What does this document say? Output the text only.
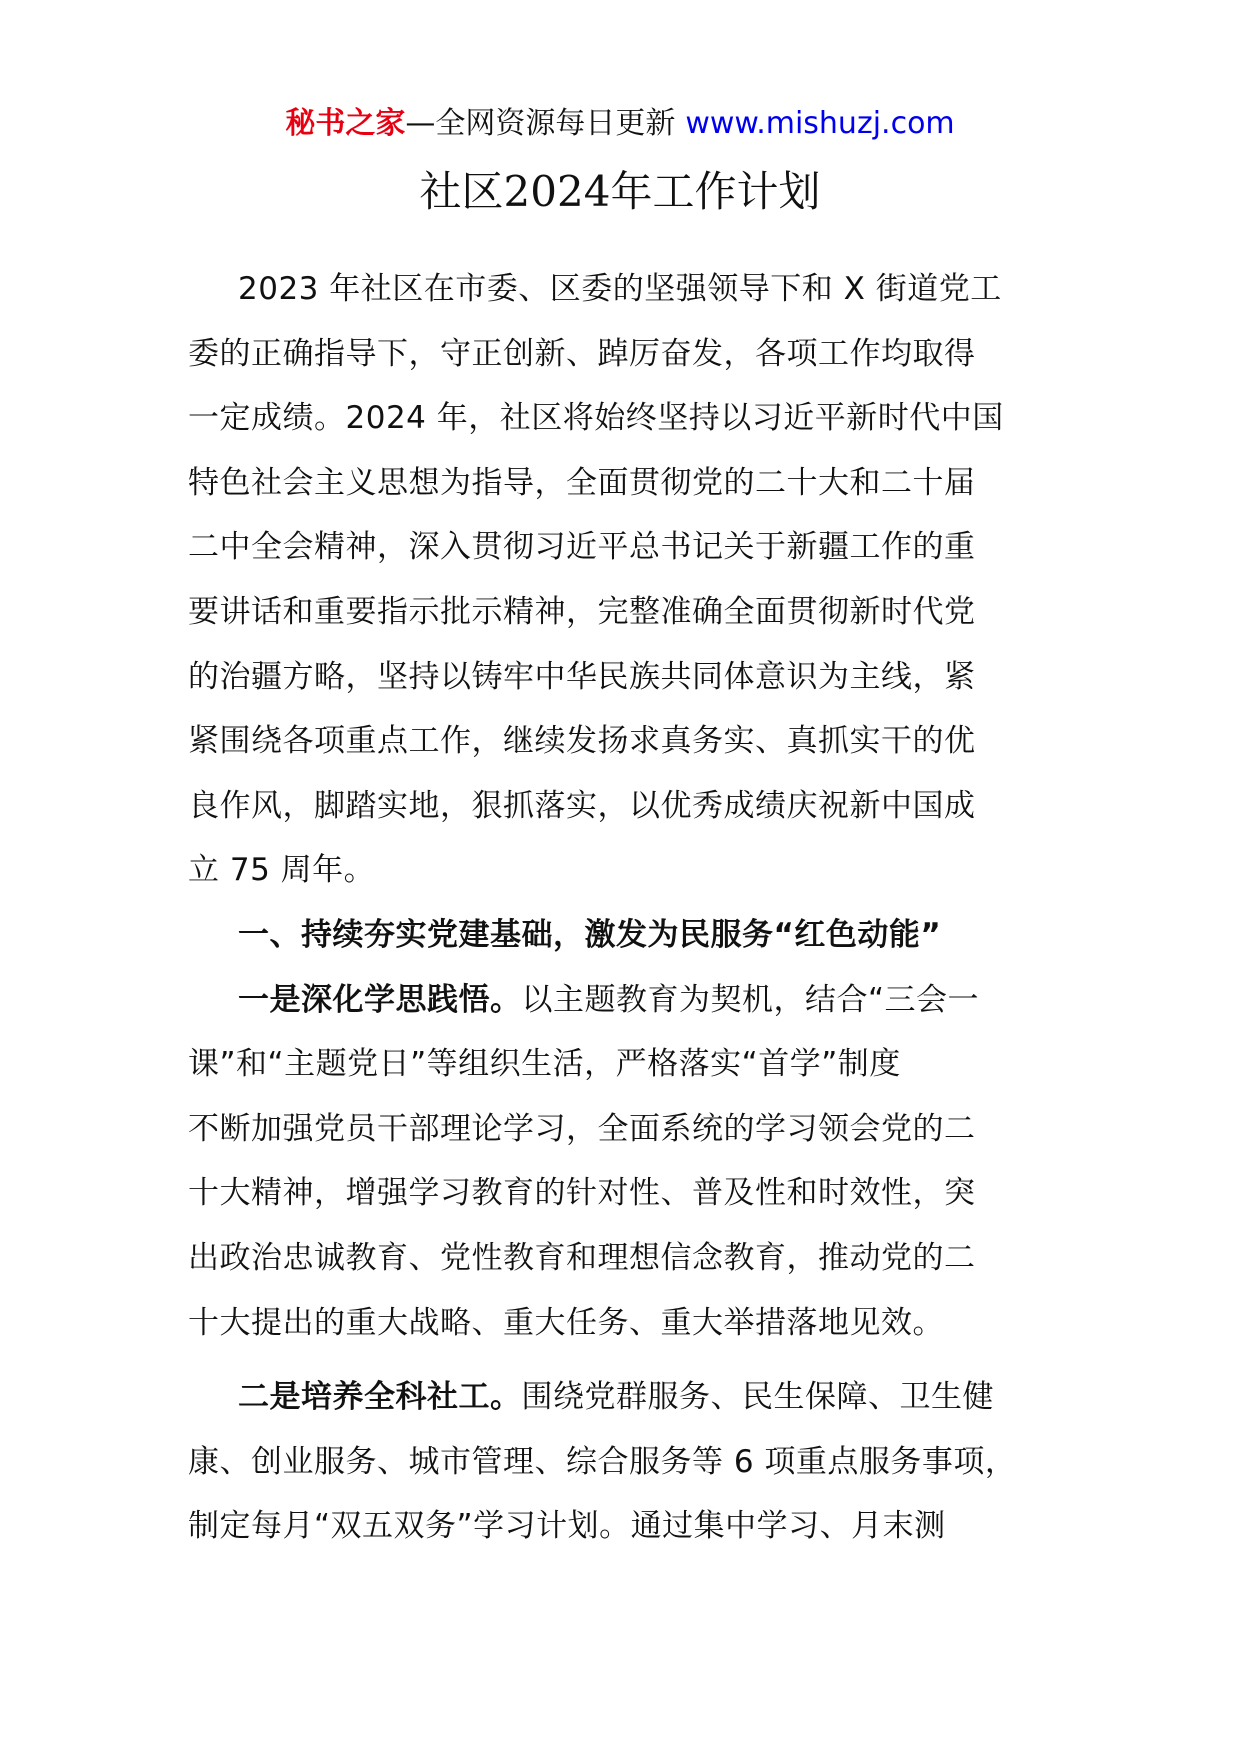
秘书之家—全网资源每日更新 www.mishuzj.com
社区2024年工作计划
2023 年社区在市委、区委的坚强领导下和 X 街道党工
委的正确指导下，守正创新、踔厉奋发，各项工作均取得
一定成绩。2024 年，社区将始终坚持以习近平新时代中国
特色社会主义思想为指导，全面贯彻党的二十大和二十届
二中全会精神，深入贯彻习近平总书记关于新疆工作的重
要讲话和重要指示批示精神，完整准确全面贯彻新时代党
的治疆方略，坚持以铸牢中华民族共同体意识为主线，紧
紧围绕各项重点工作，继续发扬求真务实、真抓实干的优
良作风，脚踏实地，狠抓落实，以优秀成绩庆祝新中国成
立 75 周年。
一、持续夯实党建基础，激发为民服务“红色动能”
一是深化学思践悟。以主题教育为契机，结合“三会一
课”和“主题党日”等组织生活，严格落实“首学”制度
不断加强党员干部理论学习，全面系统的学习领会党的二
十大精神，增强学习教育的针对性、普及性和时效性，突
出政治忠诚教育、党性教育和理想信念教育，推动党的二
十大提出的重大战略、重大任务、重大举措落地见效。
二是培养全科社工。围绕党群服务、民生保障、卫生健
康、创业服务、城市管理、综合服务等 6 项重点服务事项，
制定每月“双五双务”学习计划。通过集中学习、月末测
